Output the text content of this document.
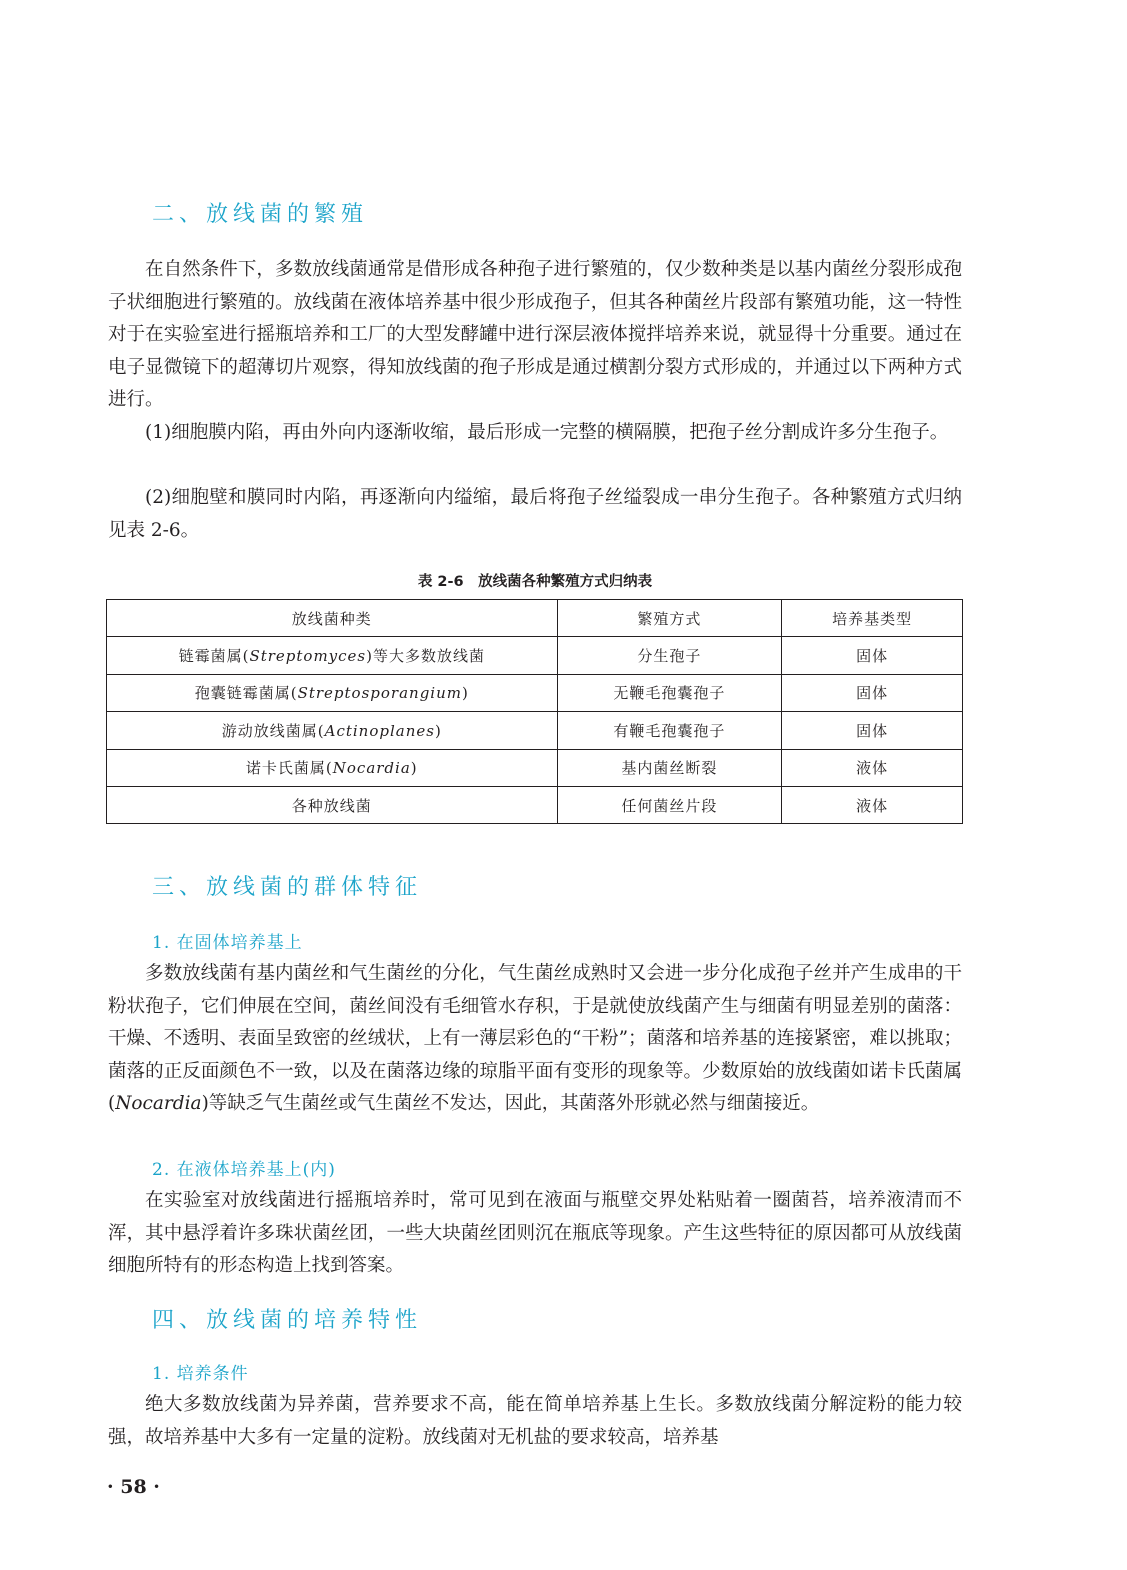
二、放线菌的繁殖

在自然条件下，多数放线菌通常是借形成各种孢子进行繁殖的，仅少数种类是以基内菌丝分裂形成孢子状细胞进行繁殖的。放线菌在液体培养基中很少形成孢子，但其各种菌丝片段部有繁殖功能，这一特性对于在实验室进行摇瓶培养和工厂的大型发酵罐中进行深层液体搅拌培养来说，就显得十分重要。通过在电子显微镜下的超薄切片观察，得知放线菌的孢子形成是通过横割分裂方式形成的，并通过以下两种方式进行。

(1)细胞膜内陷，再由外向内逐渐收缩，最后形成一完整的横隔膜，把孢子丝分割成许多分生孢子。

(2)细胞壁和膜同时内陷，再逐渐向内缢缩，最后将孢子丝缢裂成一串分生孢子。各种繁殖方式归纳见表 2-6。

表 2-6　放线菌各种繁殖方式归纳表

放线菌种类	繁殖方式	培养基类型
链霉菌属(Streptomyces)等大多数放线菌	分生孢子	固体
孢囊链霉菌属(Streptosporangium)	无鞭毛孢囊孢子	固体
游动放线菌属(Actinoplanes)	有鞭毛孢囊孢子	固体
诺卡氏菌属(Nocardia)	基内菌丝断裂	液体
各种放线菌	任何菌丝片段	液体
三、放线菌的群体特征
1. 在固体培养基上

多数放线菌有基内菌丝和气生菌丝的分化，气生菌丝成熟时又会进一步分化成孢子丝并产生成串的干粉状孢子，它们伸展在空间，菌丝间没有毛细管水存积，于是就使放线菌产生与细菌有明显差别的菌落：干燥、不透明、表面呈致密的丝绒状，上有一薄层彩色的“干粉”；菌落和培养基的连接紧密，难以挑取；菌落的正反面颜色不一致，以及在菌落边缘的琼脂平面有变形的现象等。少数原始的放线菌如诺卡氏菌属(Nocardia)等缺乏气生菌丝或气生菌丝不发达，因此，其菌落外形就必然与细菌接近。

2. 在液体培养基上(内)

在实验室对放线菌进行摇瓶培养时，常可见到在液面与瓶壁交界处粘贴着一圈菌苔，培养液清而不浑，其中悬浮着许多珠状菌丝团，一些大块菌丝团则沉在瓶底等现象。产生这些特征的原因都可从放线菌细胞所特有的形态构造上找到答案。

四、放线菌的培养特性
1. 培养条件

绝大多数放线菌为异养菌，营养要求不高，能在简单培养基上生长。多数放线菌分解淀粉的能力较强，故培养基中大多有一定量的淀粉。放线菌对无机盐的要求较高，培养基

· 58 ·
